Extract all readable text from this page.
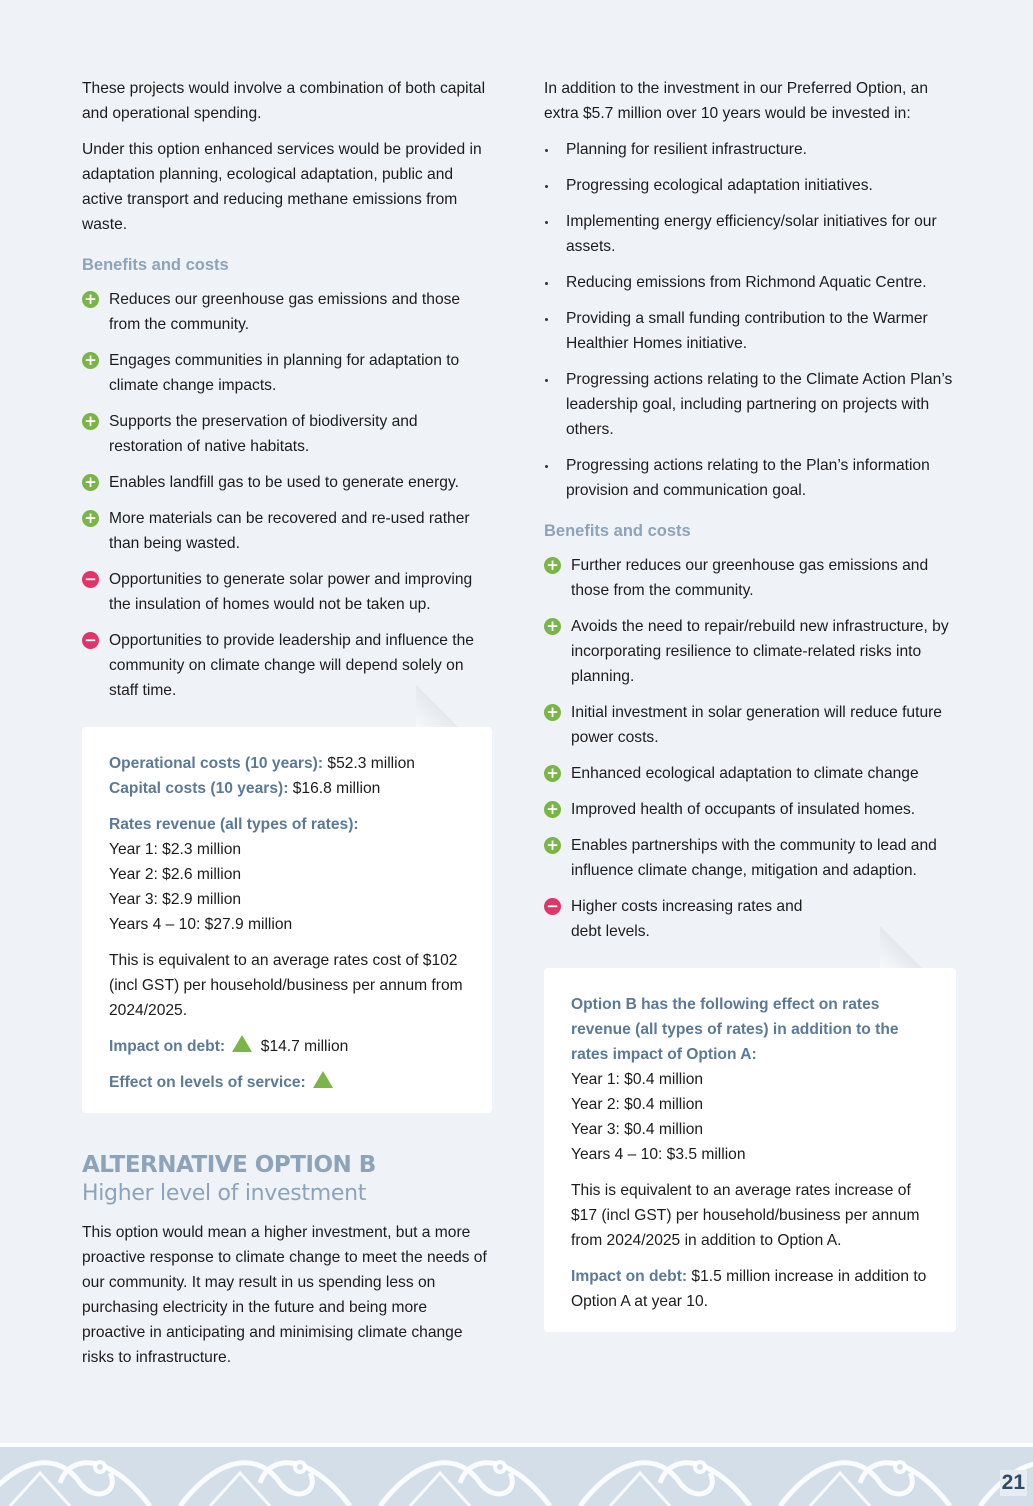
These projects would involve a combination of both capital and operational spending.

Under this option enhanced services would be provided in adaptation planning, ecological adaptation, public and active transport and reducing methane emissions from waste.

Benefits and costs
+ Reduces our greenhouse gas emissions and those from the community.
+ Engages communities in planning for adaptation to climate change impacts.
+ Supports the preservation of biodiversity and restoration of native habitats.
+ Enables landfill gas to be used to generate energy.
+ More materials can be recovered and re-used rather than being wasted.
− Opportunities to generate solar power and improving the insulation of homes would not be taken up.
− Opportunities to provide leadership and influence the community on climate change will depend solely on staff time.
Operational costs (10 years): $52.3 million
Capital costs (10 years): $16.8 million
Rates revenue (all types of rates):
Year 1: $2.3 million
Year 2: $2.6 million
Year 3: $2.9 million
Years 4 – 10: $27.9 million

This is equivalent to an average rates cost of $102 (incl GST) per household/business per annum from 2024/2025.

Impact on debt:  $14.7 million

Effect on levels of service:

ALTERNATIVE OPTION B
Higher level of investment

This option would mean a higher investment, but a more proactive response to climate change to meet the needs of our community. It may result in us spending less on purchasing electricity in the future and being more proactive in anticipating and minimising climate change risks to infrastructure.

In addition to the investment in our Preferred Option, an extra $5.7 million over 10 years would be invested in:

Planning for resilient infrastructure.
Progressing ecological adaptation initiatives.
Implementing energy efficiency/solar initiatives for our assets.
Reducing emissions from Richmond Aquatic Centre.
Providing a small funding contribution to the Warmer Healthier Homes initiative.
Progressing actions relating to the Climate Action Plan’s leadership goal, including partnering on projects with others.
Progressing actions relating to the Plan’s information provision and communication goal.
Benefits and costs
+ Further reduces our greenhouse gas emissions and those from the community.
+ Avoids the need to repair/rebuild new infrastructure, by incorporating resilience to climate-related risks into planning.
+ Initial investment in solar generation will reduce future power costs.
+ Enhanced ecological adaptation to climate change
+ Improved health of occupants of insulated homes.
+ Enables partnerships with the community to lead and influence climate change, mitigation and adaption.
− Higher costs increasing rates and debt levels.
Option B has the following effect on rates revenue (all types of rates) in addition to the rates impact of Option A:
Year 1: $0.4 million
Year 2: $0.4 million
Year 3: $0.4 million
Years 4 – 10: $3.5 million

This is equivalent to an average rates increase of $17 (incl GST) per household/business per annum from 2024/2025 in addition to Option A.

Impact on debt: $1.5 million increase in addition to Option A at year 10.

21
